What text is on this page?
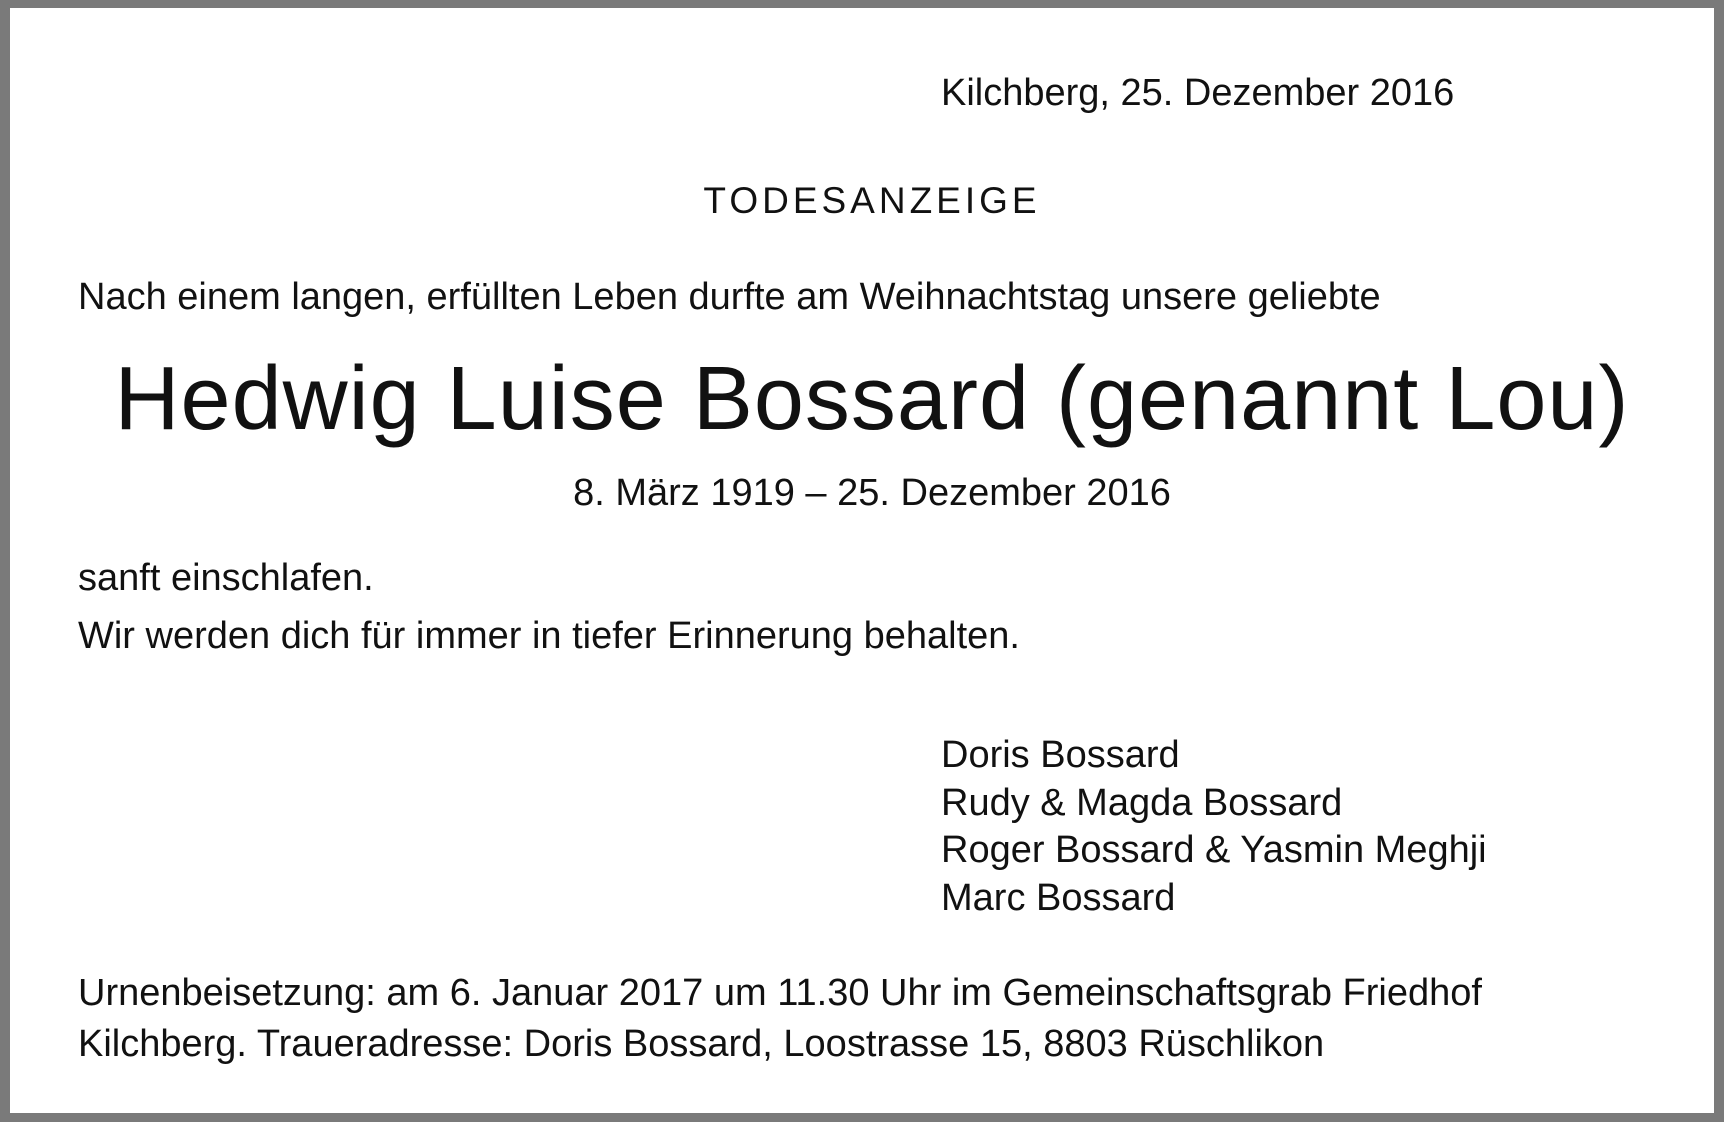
Kilchberg, 25. Dezember 2016

TODESANZEIGE

Nach einem langen, erfüllten Leben durfte am Weihnachtstag unsere geliebte

Hedwig Luise Bossard (genannt Lou)

8. März 1919 – 25. Dezember 2016

sanft einschlafen.

Wir werden dich für immer in tiefer Erinnerung behalten.

Doris Bossard
Rudy & Magda Bossard
Roger Bossard & Yasmin Meghji
Marc Bossard

Urnenbeisetzung: am 6. Januar 2017 um 11.30 Uhr im Gemeinschaftsgrab Friedhof

Kilchberg. Traueradresse: Doris Bossard, Loostrasse 15, 8803 Rüschlikon
